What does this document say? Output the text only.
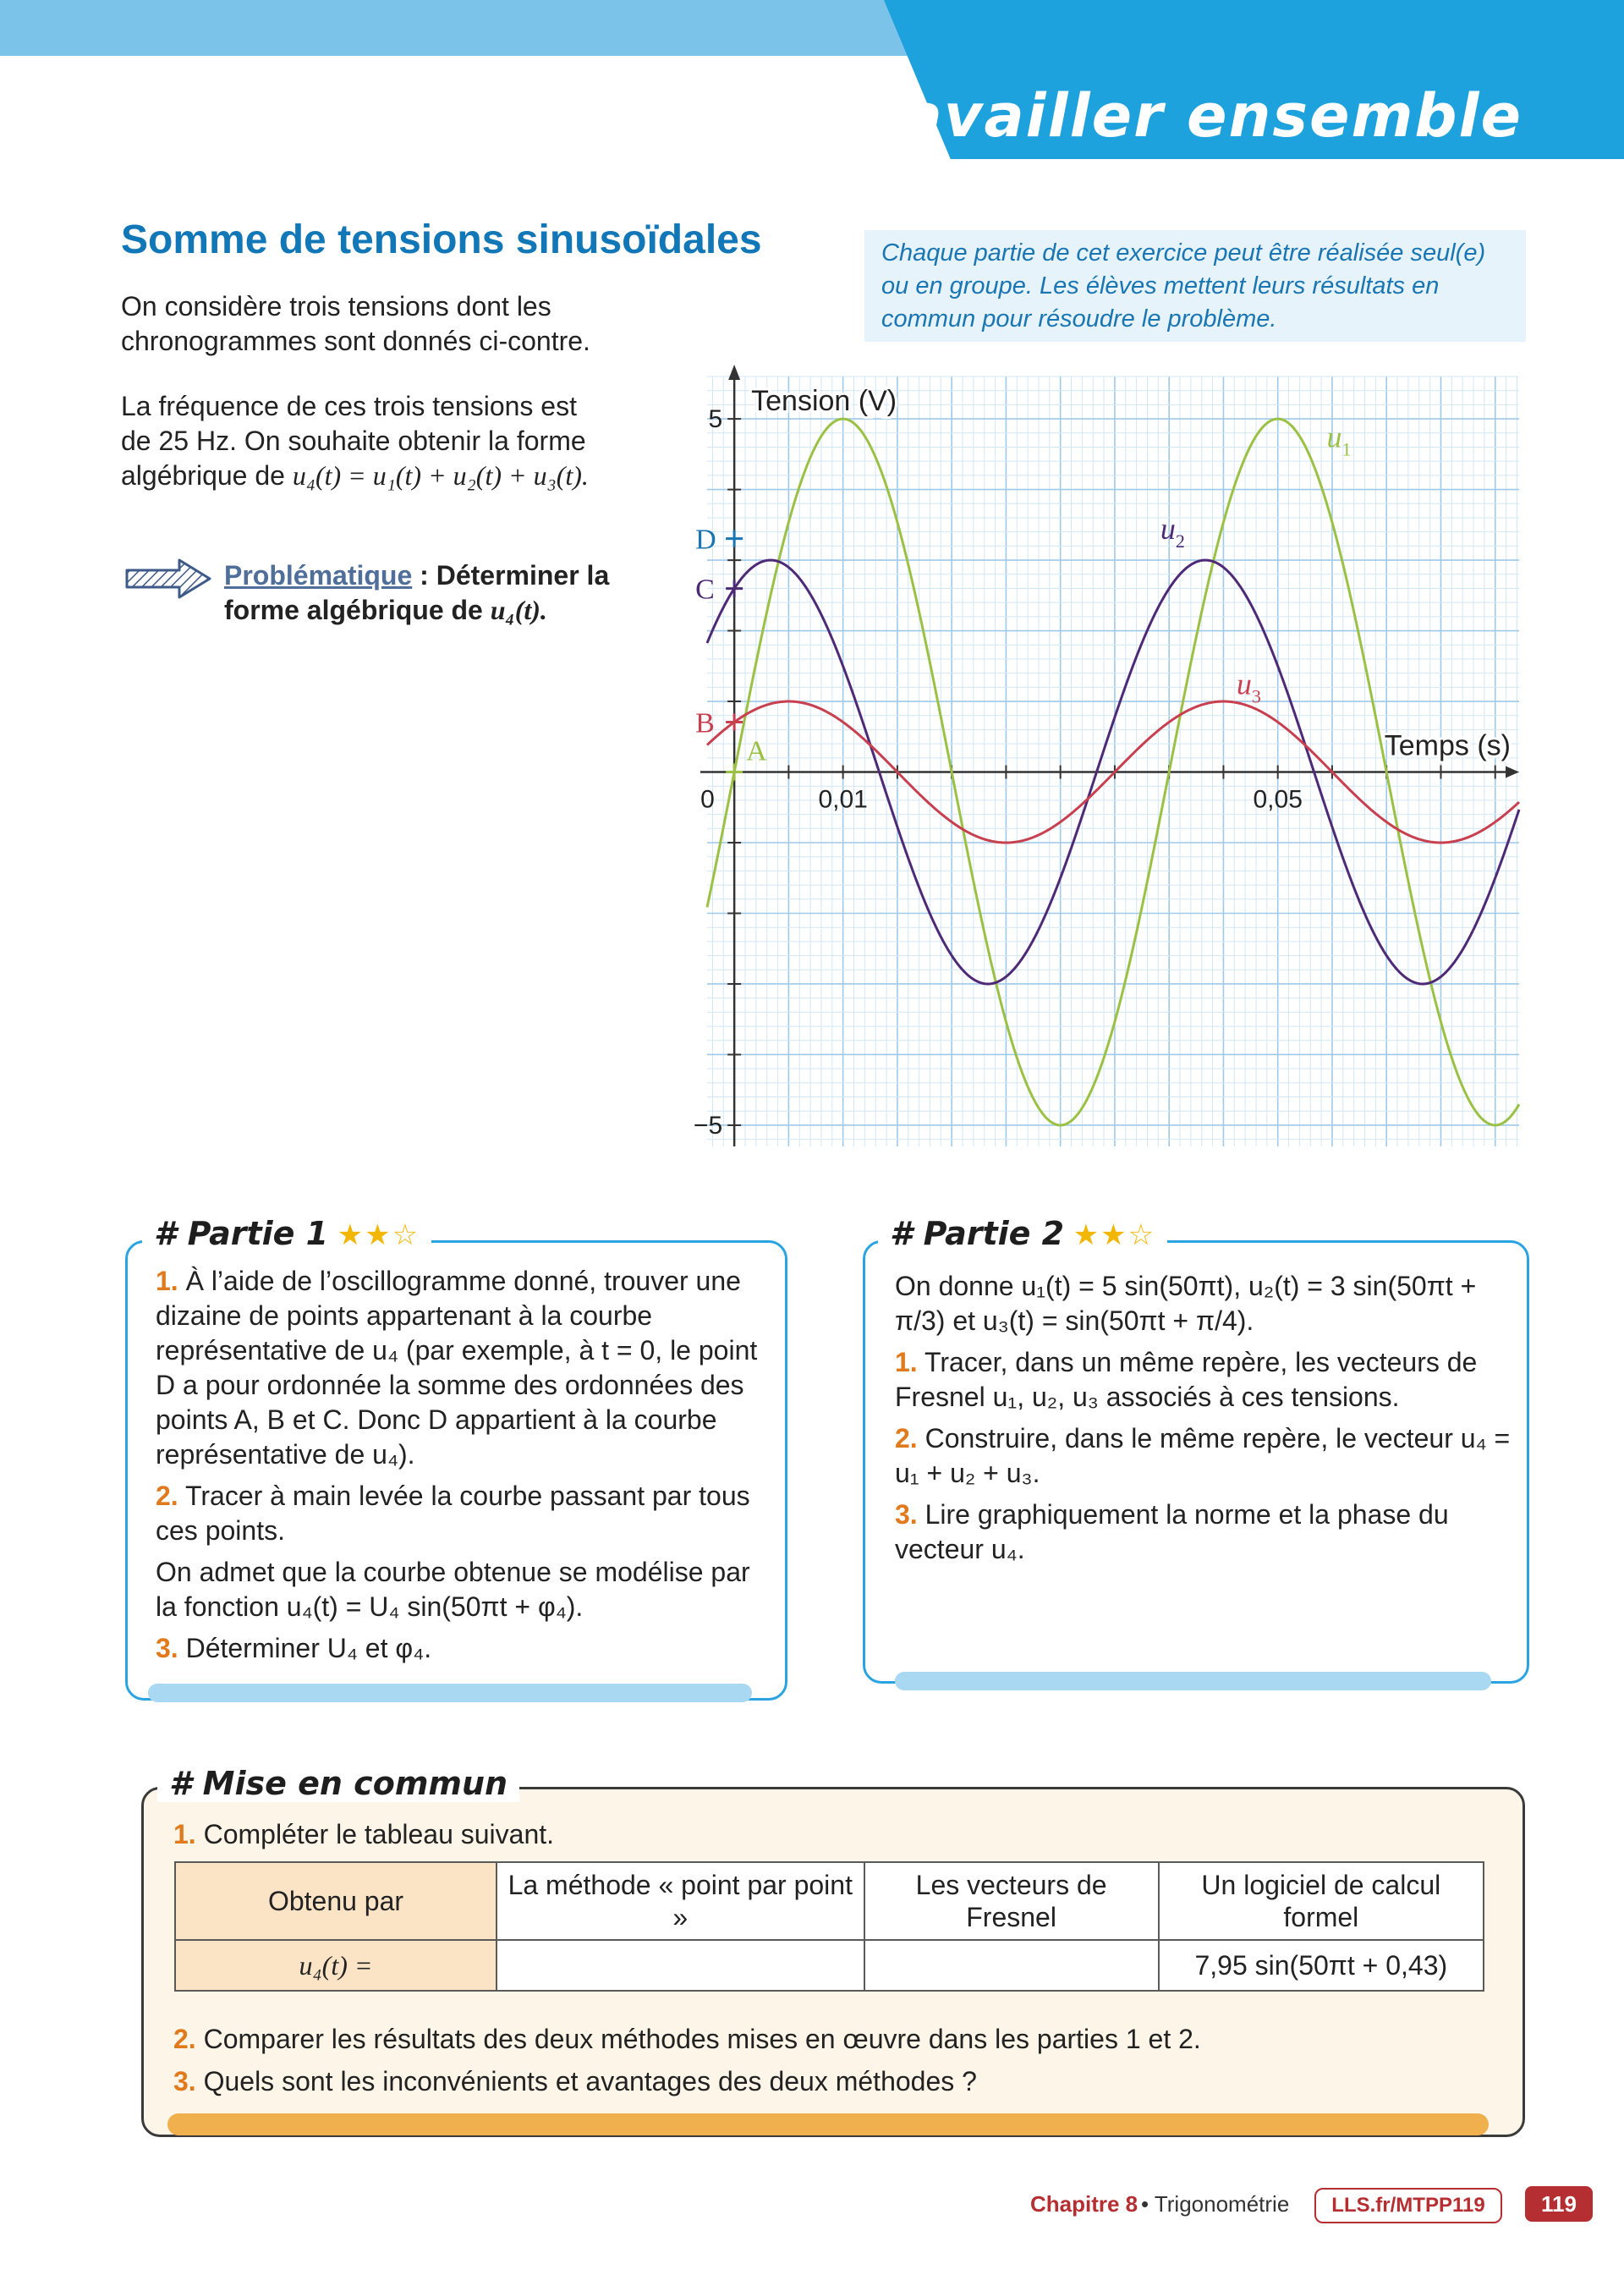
Travailler ensemble
Somme de tensions sinusoïdales
On considère trois tensions dont les chronogrammes sont donnés ci-contre.
La fréquence de ces trois tensions est de 25 Hz. On souhaite obtenir la forme algébrique de u₄(t) = u₁(t) + u₂(t) + u₃(t).
Chaque partie de cet exercice peut être réalisée seul(e) ou en groupe. Les élèves mettent leurs résultats en commun pour résoudre le problème.
Problématique : Déterminer la forme algébrique de u₄(t).
$u_1$
$u_2$
$u_3$
A
B
C
D
0	0,01	0,05
5
−5
Tension (V)
Temps (s)
# Partie 1 ★★☆

1. À l’aide de l’oscillogramme donné, trouver une dizaine de points appartenant à la courbe représentative de u₄ (par exemple, à t = 0, le point D a pour ordonnée la somme des ordonnées des points A, B et C. Donc D appartient à la courbe représentative de u₄).

2. Tracer à main levée la courbe passant par tous ces points.

On admet que la courbe obtenue se modélise par la fonction u₄(t) = U₄ sin(50πt + φ₄).

3. Déterminer U₄ et φ₄.

# Partie 2 ★★☆

On donne u₁(t) = 5 sin(50πt), u₂(t) = 3 sin(50πt + π/3) et u₃(t) = sin(50πt + π/4).

1. Tracer, dans un même repère, les vecteurs de Fresnel u₁, u₂, u₃ associés à ces tensions.

2. Construire, dans le même repère, le vecteur u₄ = u₁ + u₂ + u₃.

3. Lire graphiquement la norme et la phase du vecteur u₄.

# Mise en commun
1. Compléter le tableau suivant.
Obtenu par	La méthode « point par point »	Les vecteurs de Fresnel	Un logiciel de calcul formel
u₄(t) =			7,95 sin(50πt + 0,43)
2. Comparer les résultats des deux méthodes mises en œuvre dans les parties 1 et 2.
3. Quels sont les inconvénients et avantages des deux méthodes ?
Chapitre 8 • Trigonométrie	LLS.fr/MTPP119	119
